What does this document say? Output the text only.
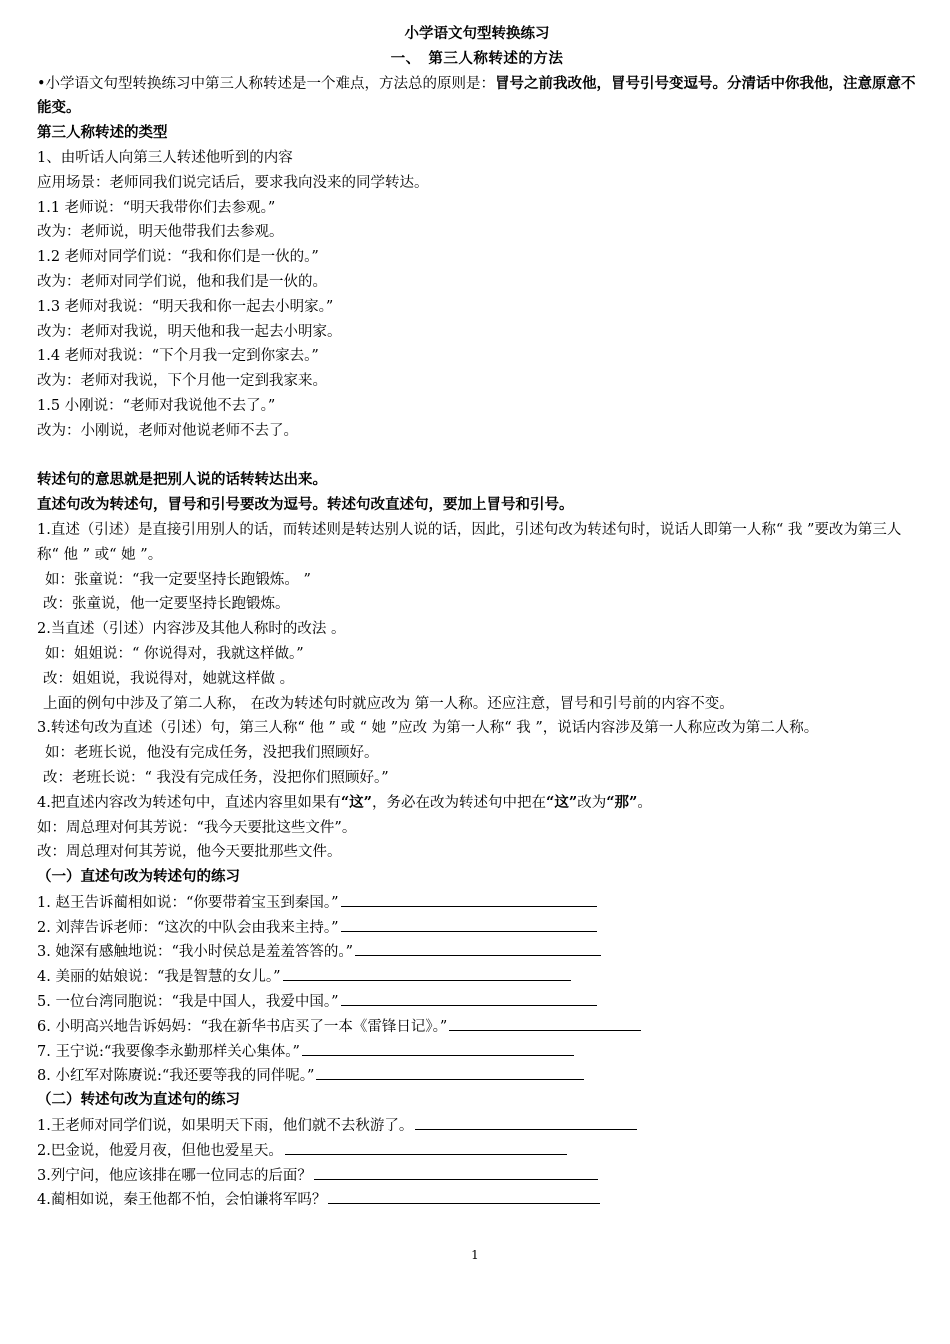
小学语文句型转换练习
一、　第三人称转述的方法
•小学语文句型转换练习中第三人称转述是一个难点，方法总的原则是：冒号之前我改他，冒号引号变逗号。分清话中你我他，注意原意不能变。
第三人称转述的类型
1、由听话人向第三人转述他听到的内容
应用场景：老师同我们说完话后，要求我向没来的同学转达。
1.1 老师说：“明天我带你们去参观。”
改为：老师说，明天他带我们去参观。
1.2 老师对同学们说：“我和你们是一伙的。”
改为：老师对同学们说，他和我们是一伙的。
1.3 老师对我说：“明天我和你一起去小明家。”
改为：老师对我说，明天他和我一起去小明家。
1.4 老师对我说：“下个月我一定到你家去。”
改为：老师对我说，下个月他一定到我家来。
1.5 小刚说：“老师对我说他不去了。”
改为：小刚说，老师对他说老师不去了。
转述句的意思就是把别人说的话转转达出来。
直述句改为转述句，冒号和引号要改为逗号。转述句改直述句，要加上冒号和引号。
1.直述（引述）是直接引用别人的话，而转述则是转达别人说的话，因此，引述句改为转述句时，说话人即第一人称“ 我 ”要改为第三人称“ 他 ” 或“ 她 ”。
如：张童说：“我一定要坚持长跑锻炼。 ”
改：张童说，他一定要坚持长跑锻炼。
2.当直述（引述）内容涉及其他人称时的改法 。
如：姐姐说：“ 你说得对，我就这样做。”
改：姐姐说，我说得对，她就这样做 。
上面的例句中涉及了第二人称， 在改为转述句时就应改为 第一人称。还应注意，冒号和引号前的内容不变。
3.转述句改为直述（引述）句，第三人称“ 他 ” 或 “ 她 ”应改 为第一人称“ 我 ”，说话内容涉及第一人称应改为第二人称。
如：老班长说，他没有完成任务，没把我们照顾好。
改：老班长说：“ 我没有完成任务，没把你们照顾好。”
4.把直述内容改为转述句中，直述内容里如果有“这”，务必在改为转述句中把在“这”改为“那”。
如：周总理对何其芳说：“我今天要批这些文件”。
改：周总理对何其芳说，他今天要批那些文件。
（一）直述句改为转述句的练习
1. 赵王告诉蔺相如说：“你要带着宝玉到秦国。”
2. 刘萍告诉老师：“这次的中队会由我来主持。”
3. 她深有感触地说：“我小时侯总是羞羞答答的。”
4. 美丽的姑娘说：“我是智慧的女儿。”
5. 一位台湾同胞说：“我是中国人，我爱中国。”
6. 小明高兴地告诉妈妈：“我在新华书店买了一本《雷锋日记》。”
7. 王宁说:“我要像李永勤那样关心集体。”
8. 小红军对陈赓说:“我还要等我的同伴呢。”
（二）转述句改为直述句的练习
1.王老师对同学们说，如果明天下雨，他们就不去秋游了。
2.巴金说，他爱月夜，但他也爱星天。
3.列宁问，他应该排在哪一位同志的后面？
4.蔺相如说，秦王他都不怕，会怕谦将军吗？
1
